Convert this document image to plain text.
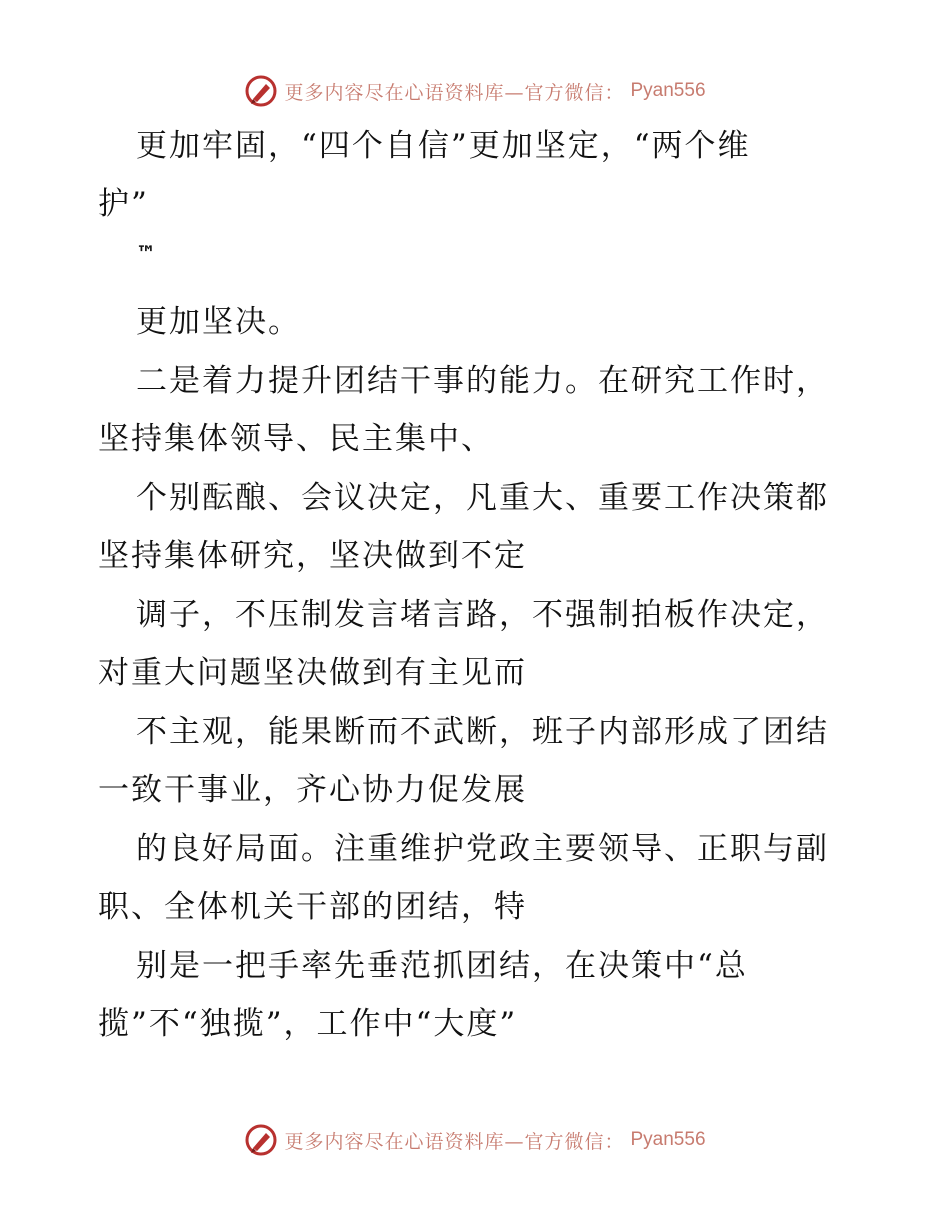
更多内容尽在心语资料库—官方微信： Pyan556
更加牢固，“四个自信”更加坚定，“两个维
护”
™
更加坚决。
二是着力提升团结干事的能力。在研究工作时，
坚持集体领导、民主集中、
个别酝酿、会议决定，凡重大、重要工作决策都
坚持集体研究，坚决做到不定
调子，不压制发言堵言路，不强制拍板作决定，
对重大问题坚决做到有主见而
不主观，能果断而不武断，班子内部形成了团结
一致干事业，齐心协力促发展
的良好局面。注重维护党政主要领导、正职与副
职、全体机关干部的团结，特
别是一把手率先垂范抓团结，在决策中“总
揽”不“独揽”，工作中“大度”
更多内容尽在心语资料库—官方微信： Pyan556
